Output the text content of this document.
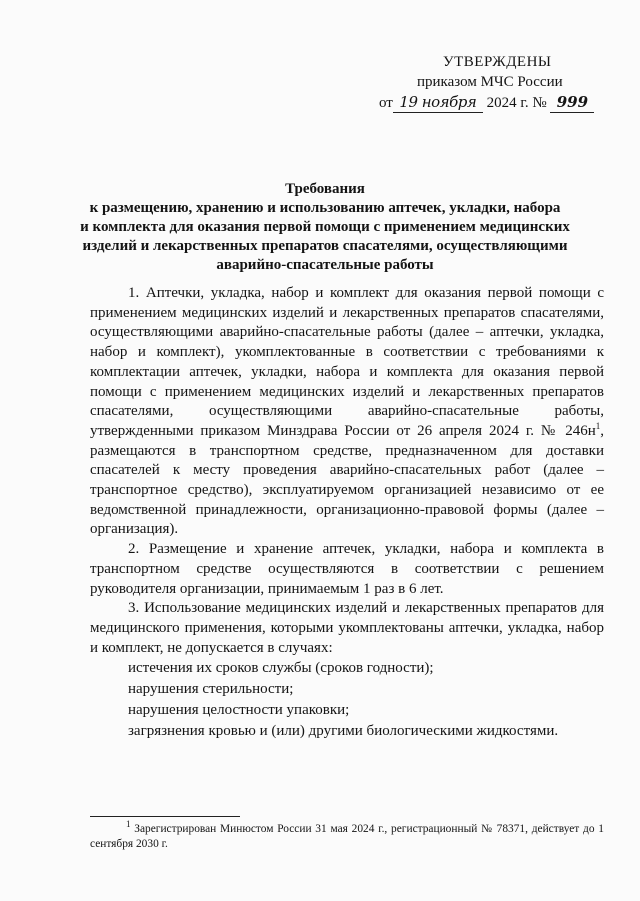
УТВЕРЖДЕНЫ
приказом МЧС России
от 19 ноября 2024 г. № 999
Требования
к размещению, хранению и использованию аптечек, укладки, набора
и комплекта для оказания первой помощи с применением медицинских
изделий и лекарственных препаратов спасателями, осуществляющими
аварийно-спасательные работы

1. Аптечки, укладка, набор и комплект для оказания первой помощи с применением медицинских изделий и лекарственных препаратов спасателями, осуществляющими аварийно-спасательные работы (далее – аптечки, укладка, набор и комплект), укомплектованные в соответствии с требованиями к комплектации аптечек, укладки, набора и комплекта для оказания первой помощи с применением медицинских изделий и лекарственных препаратов спасателями, осуществляющими аварийно-спасательные работы, утвержденными приказом Минздрава России от 26 апреля 2024 г. № $246н^1$, размещаются в транспортном средстве, предназначенном для доставки спасателей к месту проведения аварийно-спасательных работ (далее – транспортное средство), эксплуатируемом организацией независимо от ее ведомственной принадлежности, организационно-правовой формы (далее – организация).

2. Размещение и хранение аптечек, укладки, набора и комплекта в транспортном средстве осуществляются в соответствии с решением руководителя организации, принимаемым 1 раз в 6 лет.

3. Использование медицинских изделий и лекарственных препаратов для медицинского применения, которыми укомплектованы аптечки, укладка, набор и комплект, не допускается в случаях:

истечения их сроков службы (сроков годности);

нарушения стерильности;

нарушения целостности упаковки;

загрязнения кровью и (или) другими биологическими жидкостями.

$^1$ Зарегистрирован Минюстом России 31 мая 2024 г., регистрационный № 78371, действует до 1 сентября 2030 г.
